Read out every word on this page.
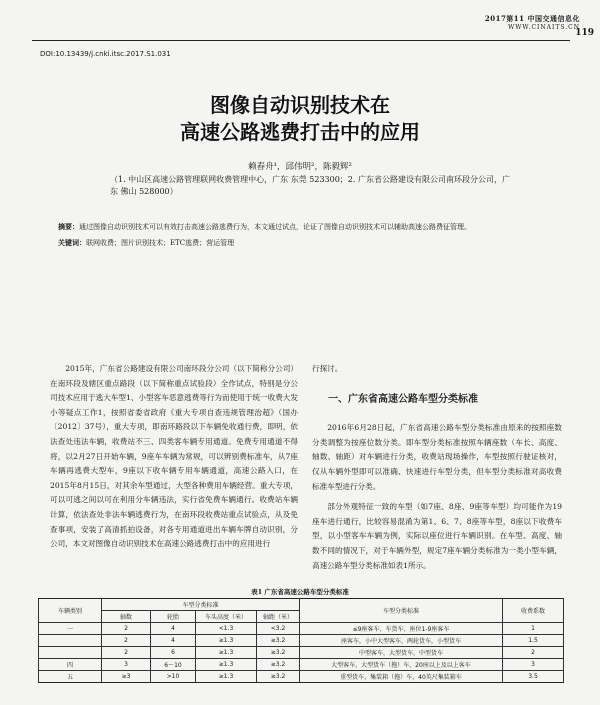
2017第11 中国交通信息化
WWW.CINAITS.CN
119
DOI:10.13439/j.cnki.itsc.2017.S1.031
图像自动识别技术在
高速公路逃费打击中的应用
赖舂舟¹，邱伟明²，陈毅辉²
（1. 中山区高速公路管理联网收费管理中心，广东 东莞 523300；2. 广东省公路建设有限公司南环段分公司，广东 佛山 528000）
摘要：通过图像自动识别技术可以有效打击高速公路逃费行为，本文通过试点，论证了图像自动识别技术可以辅助高速公路费征管理。
关键词：联网收费；图片识别技术；ETC逃费；营运管理

2015年，广东省公路建设有限公司南环段分公司（以下简称分公司）在南环段及辖区重点路段（以下简称重点试验段）全作试点，特别是分公司技术应用于逃大车型1、小型客车恶意逃费等行为而使用于统一收费大发小等疑点工作1，按照省委省政府《重大专项自查违规管理治超》（国办〔2012〕37号），重大专项，即南环路段以下车辆免收通行费，即明，依法查处违法车辆，收费站不三、四类客车辆专用通道。免费专用通道不得将，以2月27日开始车辆，9座车车辆为常规，可以辨别费标准车，从7座车辆再逃费大型车，9座以下收车辆专用车辆通道，高速公路入口，在2015年8月15日，对其余车型通过，大型各种费用车辆经营。重大专项，可以可逃之间以可在利用分车辆违法，实行省免费车辆通行。收费站车辆计算，依法查处非法车辆逃费行为，在南环段收费站重点试验点，从及免查事项，安装了高清抓拍设备，对各专用通道进出车辆车牌自动识别，分公司，本文对图像自动识别技术在高速公路逃费打击中的应用进行

行探讨。

一、广东省高速公路车型分类标准

2016年6月28日起，广东省高速公路车型分类标准由原来的按照座数分类调整为按座位数分类。即车型分类标准按照车辆座数（车长、高度、轴数、轴距）对车辆进行分类，收费站现场操作，车型按照行驶证核对，仅从车辆外型即可以准确、快速进行车型分类，但车型分类标准对高收费标准车型进行分类。

部分外观特征一致的车型（如7座、8座、9座等车型）均可能作为19座车进行通行，比较容易混淆为第1、6、7、8座等车型，8座以下收费车型，以小型客车车辆为例，实际以座位进行车辆识别。在车型、高度、轴数不同的情况下，对于车辆外型，规定7座车辆分类标准为一类小型车辆，高速公路车型分类标准如表1所示。

表1 广东省高速公路车型分类标准
车辆类别	车型分类标准				车型分类标准	收费系数
	轴数	轮胎	车头高度（米）	轴距（米）		
一	2	4	<1.3	<3.2	≤9座客车、车货车、座位1-9座客车	1
	2	4	≥1.3	≥3.2	座客车，小中大型客车，两轮货车，小型货车	1.5
	2	6	≥1.3	≥3.2	中型客车，大型货车，中型货车	2
四	3	6～10	≥1.3	≥3.2	大型客车，大型货车（拖）车，20座以上及以上客车	3
五	≥3	>10	≥1.3	≥3.2	重型货车，集装箱（拖）车，40英尺集装箱车	3.5
